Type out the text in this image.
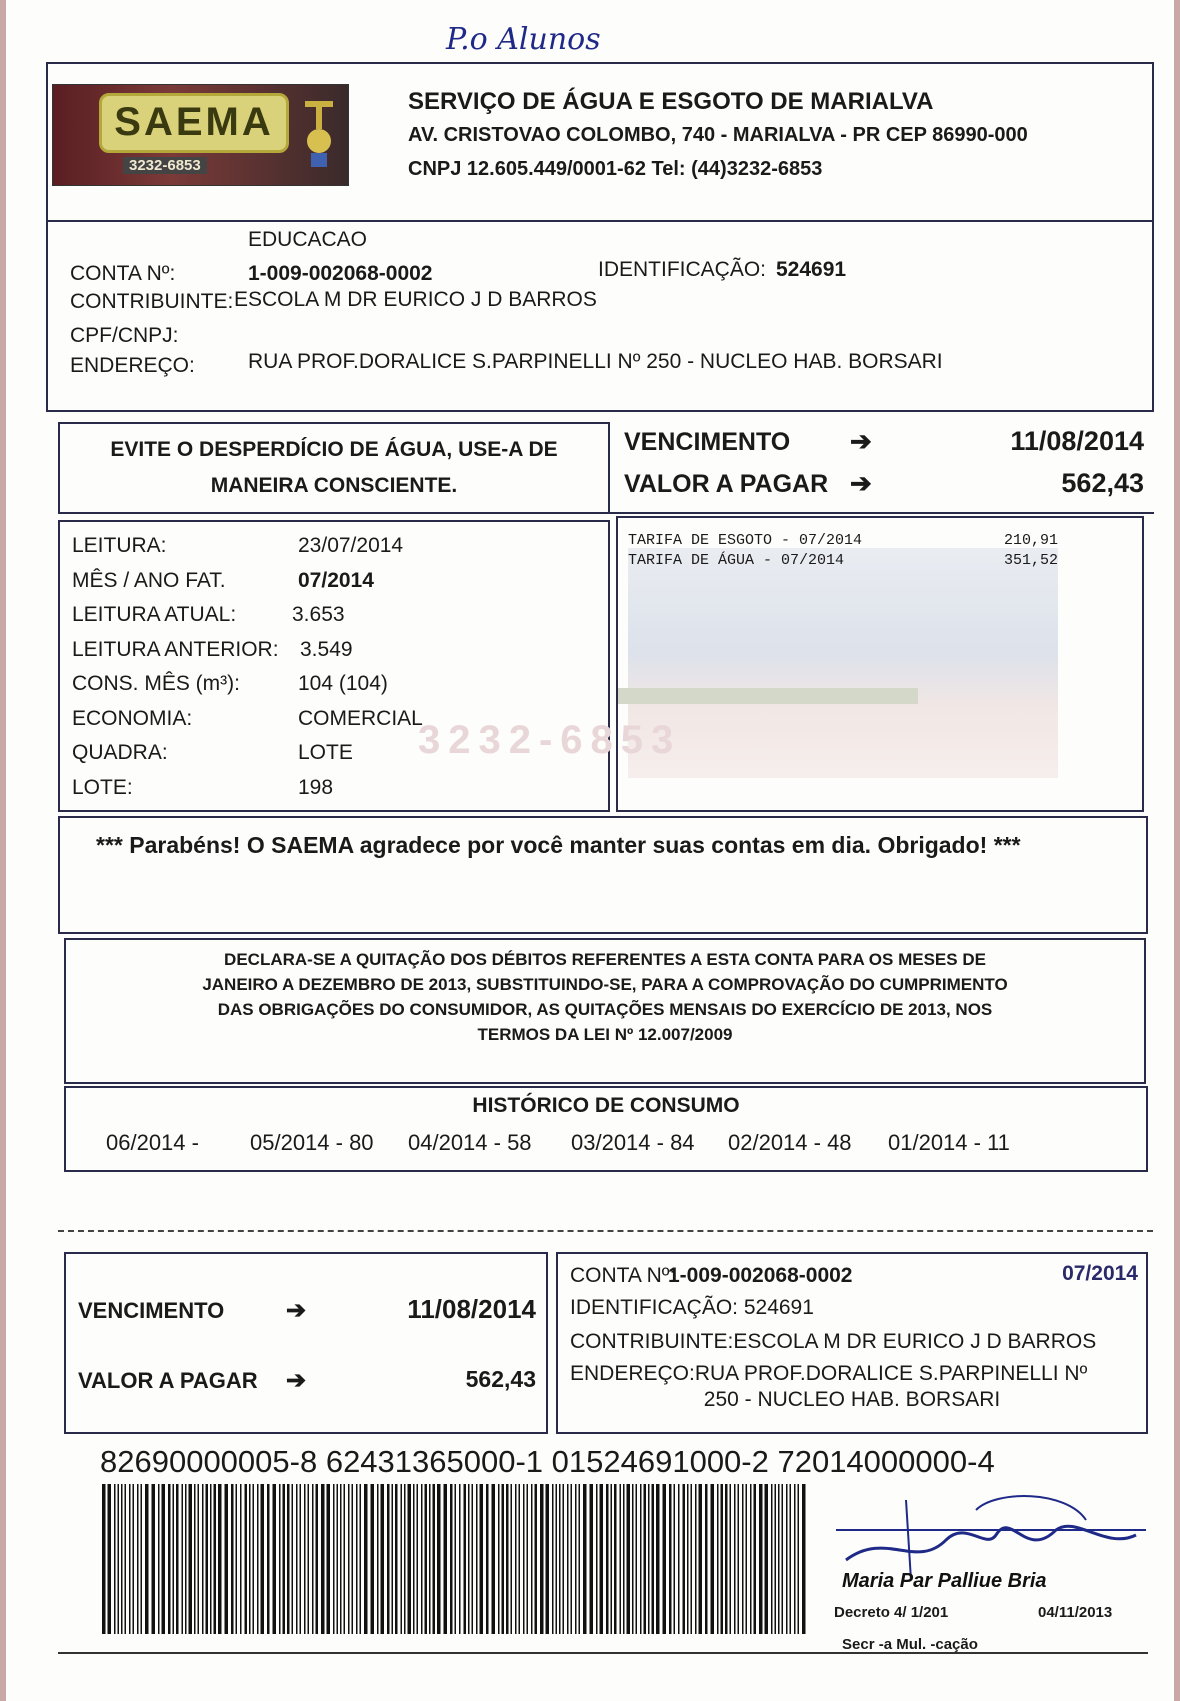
P.o Alunos
SAEMA
3232-6853
SERVIÇO DE ÁGUA E ESGOTO DE MARIALVA
AV. CRISTOVAO COLOMBO, 740 - MARIALVA - PR CEP 86990-000
CNPJ 12.605.449/0001-62 Tel: (44)3232-6853
EDUCACAO
CONTA Nº:	1-009-002068-0002	IDENTIFICAÇÃO: 524691
CONTRIBUINTE: ESCOLA M DR EURICO J D BARROS
CPF/CNPJ:
ENDEREÇO:	RUA PROF.DORALICE S.PARPINELLI Nº 250 - NUCLEO HAB. BORSARI
EVITE O DESPERDÍCIO DE ÁGUA, USE-A DE
MANEIRA CONSCIENTE.
VENCIMENTO ➔	11/08/2014
VALOR A PAGAR ➔	562,43
LEITURA:	23/07/2014
MÊS / ANO FAT.	07/2014
LEITURA ATUAL:	3.653
LEITURA ANTERIOR: 3.549
CONS. MÊS (m³):	104 (104)
ECONOMIA:	COMERCIAL
QUADRA:	LOTE
LOTE:	198
3232-6853
TARIFA DE ESGOTO - 07/2014	210,91
TARIFA DE ÁGUA - 07/2014	351,52
*** Parabéns! O SAEMA agradece por você manter suas contas em dia. Obrigado! ***
DECLARA-SE A QUITAÇÃO DOS DÉBITOS REFERENTES A ESTA CONTA PARA OS MESES DE
JANEIRO A DEZEMBRO DE 2013, SUBSTITUINDO-SE, PARA A COMPROVAÇÃO DO CUMPRIMENTO
DAS OBRIGAÇÕES DO CONSUMIDOR, AS QUITAÇÕES MENSAIS DO EXERCÍCIO DE 2013, NOS
TERMOS DA LEI Nº 12.007/2009
HISTÓRICO DE CONSUMO
06/2014 - 05/2014 - 80 04/2014 - 58 03/2014 - 84 02/2014 - 48 01/2014 - 11
VENCIMENTO	➔	11/08/2014
VALOR A PAGAR ➔	562,43
CONTA Nº:
1-009-002068-0002	07/2014
IDENTIFICAÇÃO: 524691
CONTRIBUINTE:ESCOLA M DR EURICO J D BARROS
ENDEREÇO:RUA PROF.DORALICE S.PARPINELLI Nº
250 - NUCLEO HAB. BORSARI
82690000005-8 62431365000-1 01524691000-2 72014000000-4
Maria Par Palliue Bria
Decreto 4/ 1/201	04/11/2013
Secr -a Mul. -cação
